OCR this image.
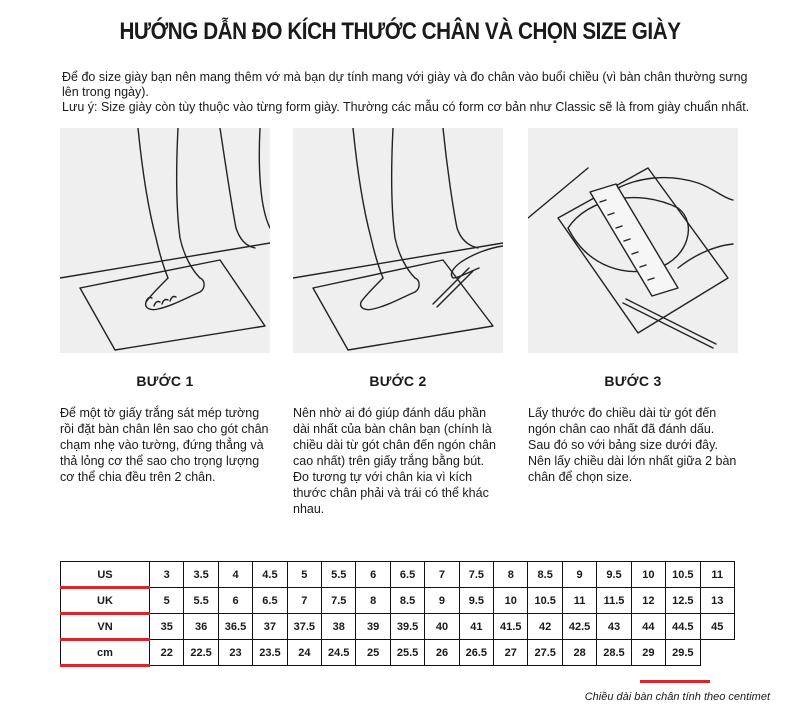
HƯỚNG DẪN ĐO KÍCH THƯỚC CHÂN VÀ CHỌN SIZE GIÀY

Để đo size giày bạn nên mang thêm vớ mà bạn dự tính mang với giày và đo chân vào buổi chiều (vì bàn chân thường sưng lên trong ngày).

Lưu ý: Size giày còn tùy thuộc vào từng form giày. Thường các mẫu có form cơ bản như Classic sẽ là from giày chuẩn nhất.

BƯỚC 1
Để một tờ giấy trắng sát mép tường rồi đặt bàn chân lên sao cho gót chân chạm nhẹ vào tường, đứng thẳng và thả lỏng cơ thể sao cho trọng lượng cơ thể chia đều trên 2 chân.
BƯỚC 2
Nên nhờ ai đó giúp đánh dấu phần dài nhất của bàn chân bạn (chính là chiều dài từ gót chân đến ngón chân cao nhất) trên giấy trắng bằng bút. Đo tương tự với chân kia vì kích thước chân phải và trái có thể khác nhau.
BƯỚC 3
Lấy thước đo chiều dài từ gót đến ngón chân cao nhất đã đánh dấu. Sau đó so với bảng size dưới đây. Nên lấy chiều dài lớn nhất giữa 2 bàn chân để chọn size.
US	3	3.5	4	4.5	5	5.5	6	6.5	7	7.5	8	8.5	9	9.5	10	10.5	11
UK	5	5.5	6	6.5	7	7.5	8	8.5	9	9.5	10	10.5	11	11.5	12	12.5	13
VN	35	36	36.5	37	37.5	38	39	39.5	40	41	41.5	42	42.5	43	44	44.5	45
cm	22	22.5	23	23.5	24	24.5	25	25.5	26	26.5	27	27.5	28	28.5	29	29.5	
Chiều dài bàn chân tính theo centimet
